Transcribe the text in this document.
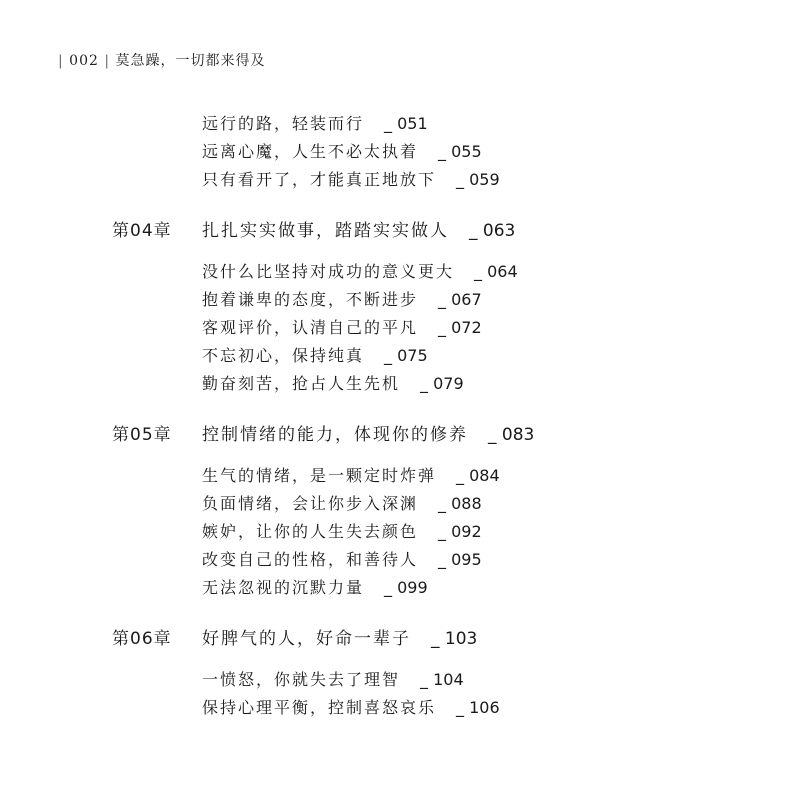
| 002 | 莫急躁，一切都来得及
远行的路，轻装而行 _ 051
远离心魔，人生不必太执着 _ 055
只有看开了，才能真正地放下 _ 059
第04章 扎扎实实做事，踏踏实实做人 _ 063
没什么比坚持对成功的意义更大 _ 064
抱着谦卑的态度，不断进步 _ 067
客观评价，认清自己的平凡 _ 072
不忘初心，保持纯真 _ 075
勤奋刻苦，抢占人生先机 _ 079
第05章 控制情绪的能力，体现你的修养 _ 083
生气的情绪，是一颗定时炸弹 _ 084
负面情绪，会让你步入深渊 _ 088
嫉妒，让你的人生失去颜色 _ 092
改变自己的性格，和善待人 _ 095
无法忽视的沉默力量 _ 099
第06章 好脾气的人，好命一辈子 _ 103
一愤怒，你就失去了理智 _ 104
保持心理平衡，控制喜怒哀乐 _ 106
